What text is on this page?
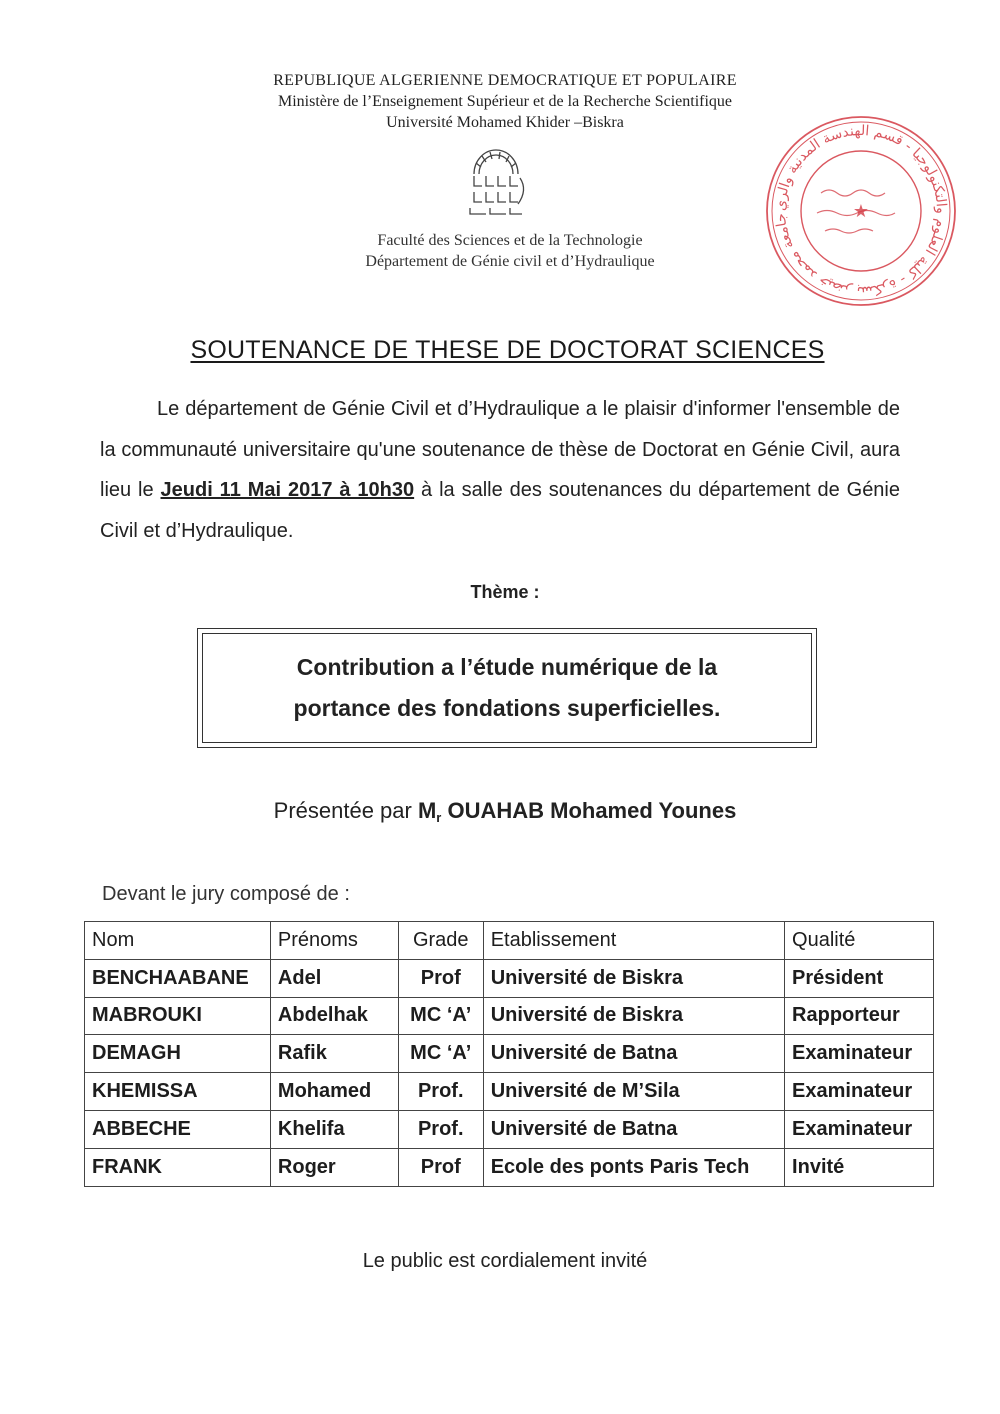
REPUBLIQUE ALGERIENNE DEMOCRATIQUE ET POPULAIRE
Ministère de l’Enseignement Supérieur et de la Recherche Scientifique
Université Mohamed Khider –Biskra
Faculté des Sciences et de la Technologie
Département de Génie civil et d’Hydraulique
جامعة محمد خيضر بسكرة - كلية العلوم والتكنولوجيا - قسم الهندسة المدنية والري	★
SOUTENANCE DE THESE DE DOCTORAT SCIENCES
Le département de Génie Civil et d’Hydraulique a le plaisir d'informer l'ensemble de la communauté universitaire qu'une soutenance de thèse de Doctorat en Génie Civil, aura lieu le Jeudi 11 Mai 2017 à 10h30 à la salle des soutenances du département de Génie Civil et d’Hydraulique.
Thème :
Contribution a l’étude numérique de la
portance des fondations superficielles.
Présentée par $M_r$ OUAHAB Mohamed Younes
Devant le jury composé de :
Nom	Prénoms	Grade	Etablissement	Qualité
BENCHAABANE	Adel	Prof	Université de Biskra	Président
MABROUKI	Abdelhak	MC ‘A’	Université de Biskra	Rapporteur
DEMAGH	Rafik	MC ‘A’	Université de Batna	Examinateur
KHEMISSA	Mohamed	Prof.	Université de M’Sila	Examinateur
ABBECHE	Khelifa	Prof.	Université de Batna	Examinateur
FRANK	Roger	Prof	Ecole des ponts Paris Tech	Invité
Le public est cordialement invité
